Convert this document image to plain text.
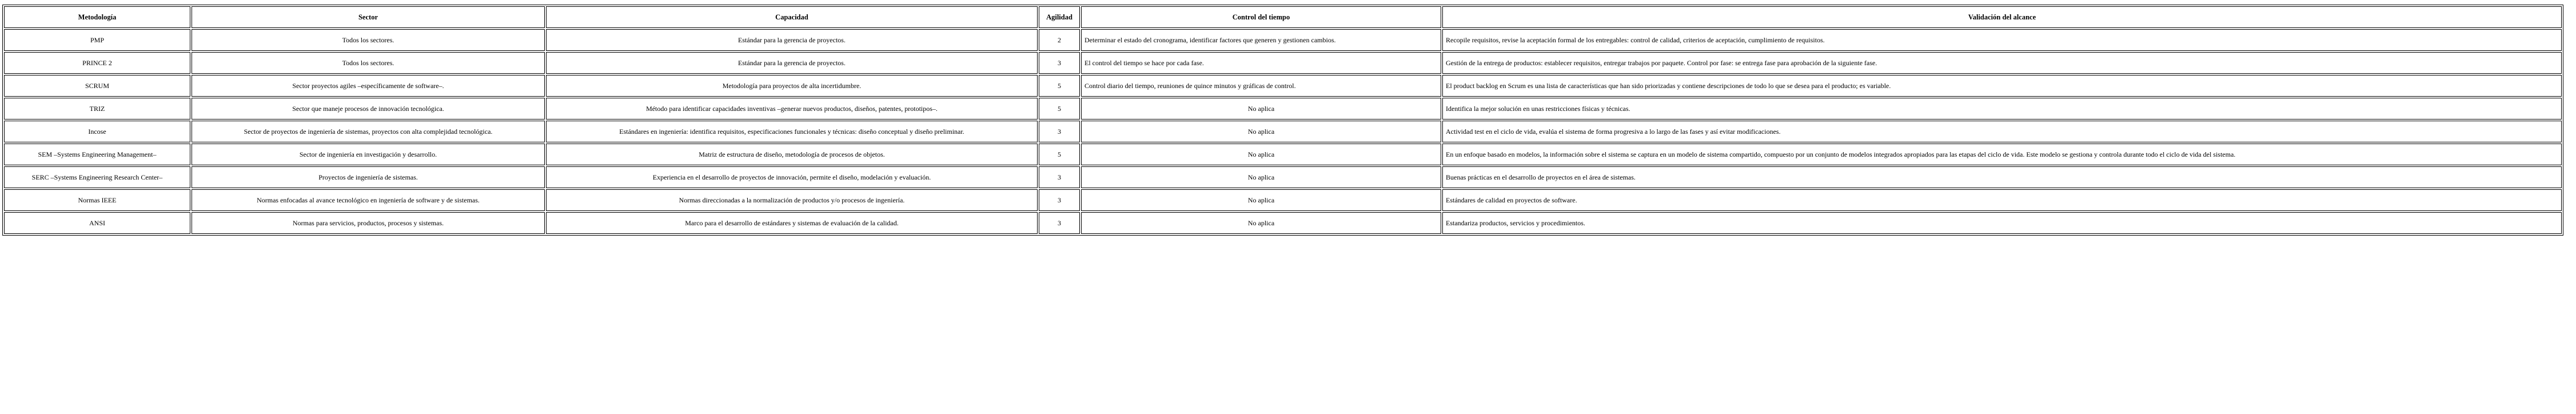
Metodología	Sector	Capacidad	Agilidad	Control del tiempo	Validación del alcance
PMP	Todos los sectores.	Estándar para la gerencia de proyectos.	2	Determinar el estado del cronograma, identificar factores que generen y gestionen cambios.	Recopile requisitos, revise la aceptación formal de los entregables: control de calidad, criterios de aceptación, cumplimiento de requisitos.
PRINCE 2	Todos los sectores.	Estándar para la gerencia de proyectos.	3	El control del tiempo se hace por cada fase.	Gestión de la entrega de productos: establecer requisitos, entregar trabajos por paquete. Control por fase: se entrega fase para aprobación de la siguiente fase.
SCRUM	Sector proyectos agiles –específicamente de software–.	Metodología para proyectos de alta incertidumbre.	5	Control diario del tiempo, reuniones de quince minutos y gráficas de control.	El product backlog en Scrum es una lista de características que han sido priorizadas y contiene descripciones de todo lo que se desea para el producto; es variable.
TRIZ	Sector que maneje procesos de innovación tecnológica.	Método para identificar capacidades inventivas –generar nuevos productos, diseños, patentes, prototipos–.	5	No aplica	Identifica la mejor solución en unas restricciones físicas y técnicas.
Incose	Sector de proyectos de ingeniería de sistemas, proyectos con alta complejidad tecnológica.	Estándares en ingeniería: identifica requisitos, especificaciones funcionales y técnicas: diseño conceptual y diseño preliminar.	3	No aplica	Actividad test en el ciclo de vida, evalúa el sistema de forma progresiva a lo largo de las fases y así evitar modificaciones.
SEM –Systems Engineering Management–	Sector de ingeniería en investigación y desarrollo.	Matriz de estructura de diseño, metodología de procesos de objetos.	5	No aplica	En un enfoque basado en modelos, la información sobre el sistema se captura en un modelo de sistema compartido, compuesto por un conjunto de modelos integrados apropiados para las etapas del ciclo de vida. Este modelo se gestiona y controla durante todo el ciclo de vida del sistema.
SERC –Systems Engineering Research Center–	Proyectos de ingeniería de sistemas.	Experiencia en el desarrollo de proyectos de innovación, permite el diseño, modelación y evaluación.	3	No aplica	Buenas prácticas en el desarrollo de proyectos en el área de sistemas.
Normas IEEE	Normas enfocadas al avance tecnológico en ingeniería de software y de sistemas.	Normas direccionadas a la normalización de productos y/o procesos de ingeniería.	3	No aplica	Estándares de calidad en proyectos de software.
ANSI	Normas para servicios, productos, procesos y sistemas.	Marco para el desarrollo de estándares y sistemas de evaluación de la calidad.	3	No aplica	Estandariza productos, servicios y procedimientos.
